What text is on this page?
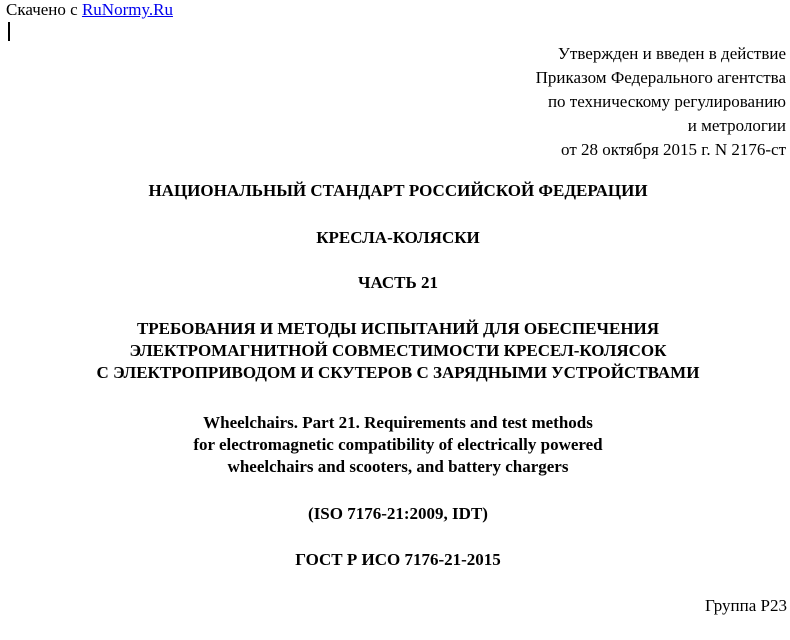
Скачено с RuNormy.Ru
Утвержден и введен в действие
Приказом Федерального агентства
по техническому регулированию
и метрологии
от 28 октября 2015 г. N 2176-ст
НАЦИОНАЛЬНЫЙ СТАНДАРТ РОССИЙСКОЙ ФЕДЕРАЦИИ
КРЕСЛА-КОЛЯСКИ
ЧАСТЬ 21
ТРЕБОВАНИЯ И МЕТОДЫ ИСПЫТАНИЙ ДЛЯ ОБЕСПЕЧЕНИЯ
ЭЛЕКТРОМАГНИТНОЙ СОВМЕСТИМОСТИ КРЕСЕЛ-КОЛЯСОК
С ЭЛЕКТРОПРИВОДОМ И СКУТЕРОВ С ЗАРЯДНЫМИ УСТРОЙСТВАМИ
Wheelchairs. Part 21. Requirements and test methods
for electromagnetic compatibility of electrically powered
wheelchairs and scooters, and battery chargers
(ISO 7176-21:2009, IDT)
ГОСТ Р ИСО 7176-21-2015
Группа Р23
